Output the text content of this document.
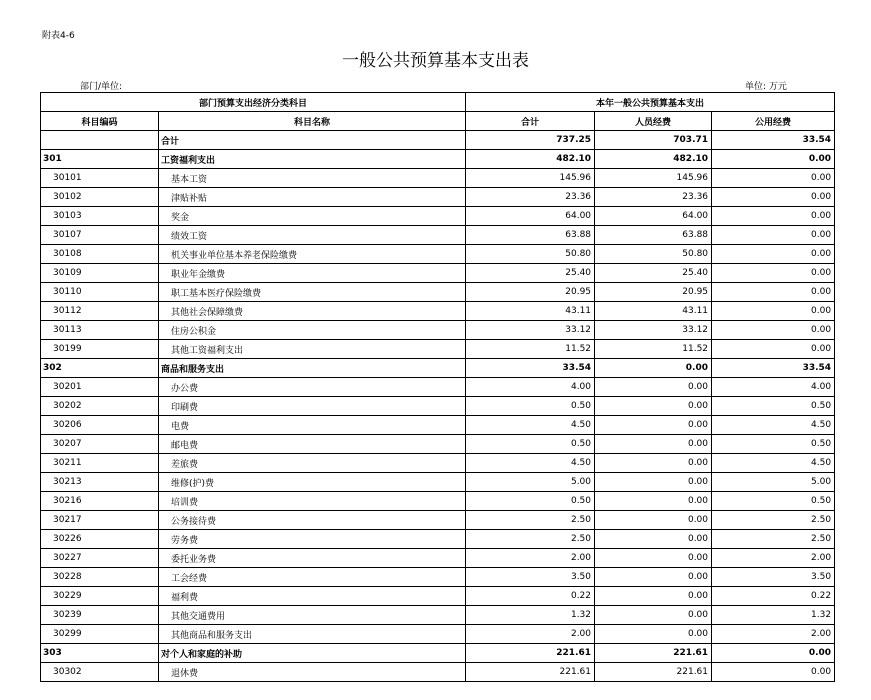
附表4-6
一般公共预算基本支出表
部门/单位:	单位: 万元
部门预算支出经济分类科目		本年一般公共预算基本支出		
科目编码	科目名称	合计	人员经费	公用经费
	合计	737.25	703.71	33.54
301	工资福利支出	482.10	482.10	0.00
30101	基本工资	145.96	145.96	0.00
30102	津贴补贴	23.36	23.36	0.00
30103	奖金	64.00	64.00	0.00
30107	绩效工资	63.88	63.88	0.00
30108	机关事业单位基本养老保险缴费	50.80	50.80	0.00
30109	职业年金缴费	25.40	25.40	0.00
30110	职工基本医疗保险缴费	20.95	20.95	0.00
30112	其他社会保障缴费	43.11	43.11	0.00
30113	住房公积金	33.12	33.12	0.00
30199	其他工资福利支出	11.52	11.52	0.00
302	商品和服务支出	33.54	0.00	33.54
30201	办公费	4.00	0.00	4.00
30202	印刷费	0.50	0.00	0.50
30206	电费	4.50	0.00	4.50
30207	邮电费	0.50	0.00	0.50
30211	差旅费	4.50	0.00	4.50
30213	维修(护)费	5.00	0.00	5.00
30216	培训费	0.50	0.00	0.50
30217	公务接待费	2.50	0.00	2.50
30226	劳务费	2.50	0.00	2.50
30227	委托业务费	2.00	0.00	2.00
30228	工会经费	3.50	0.00	3.50
30229	福利费	0.22	0.00	0.22
30239	其他交通费用	1.32	0.00	1.32
30299	其他商品和服务支出	2.00	0.00	2.00
303	对个人和家庭的补助	221.61	221.61	0.00
30302	退休费	221.61	221.61	0.00
